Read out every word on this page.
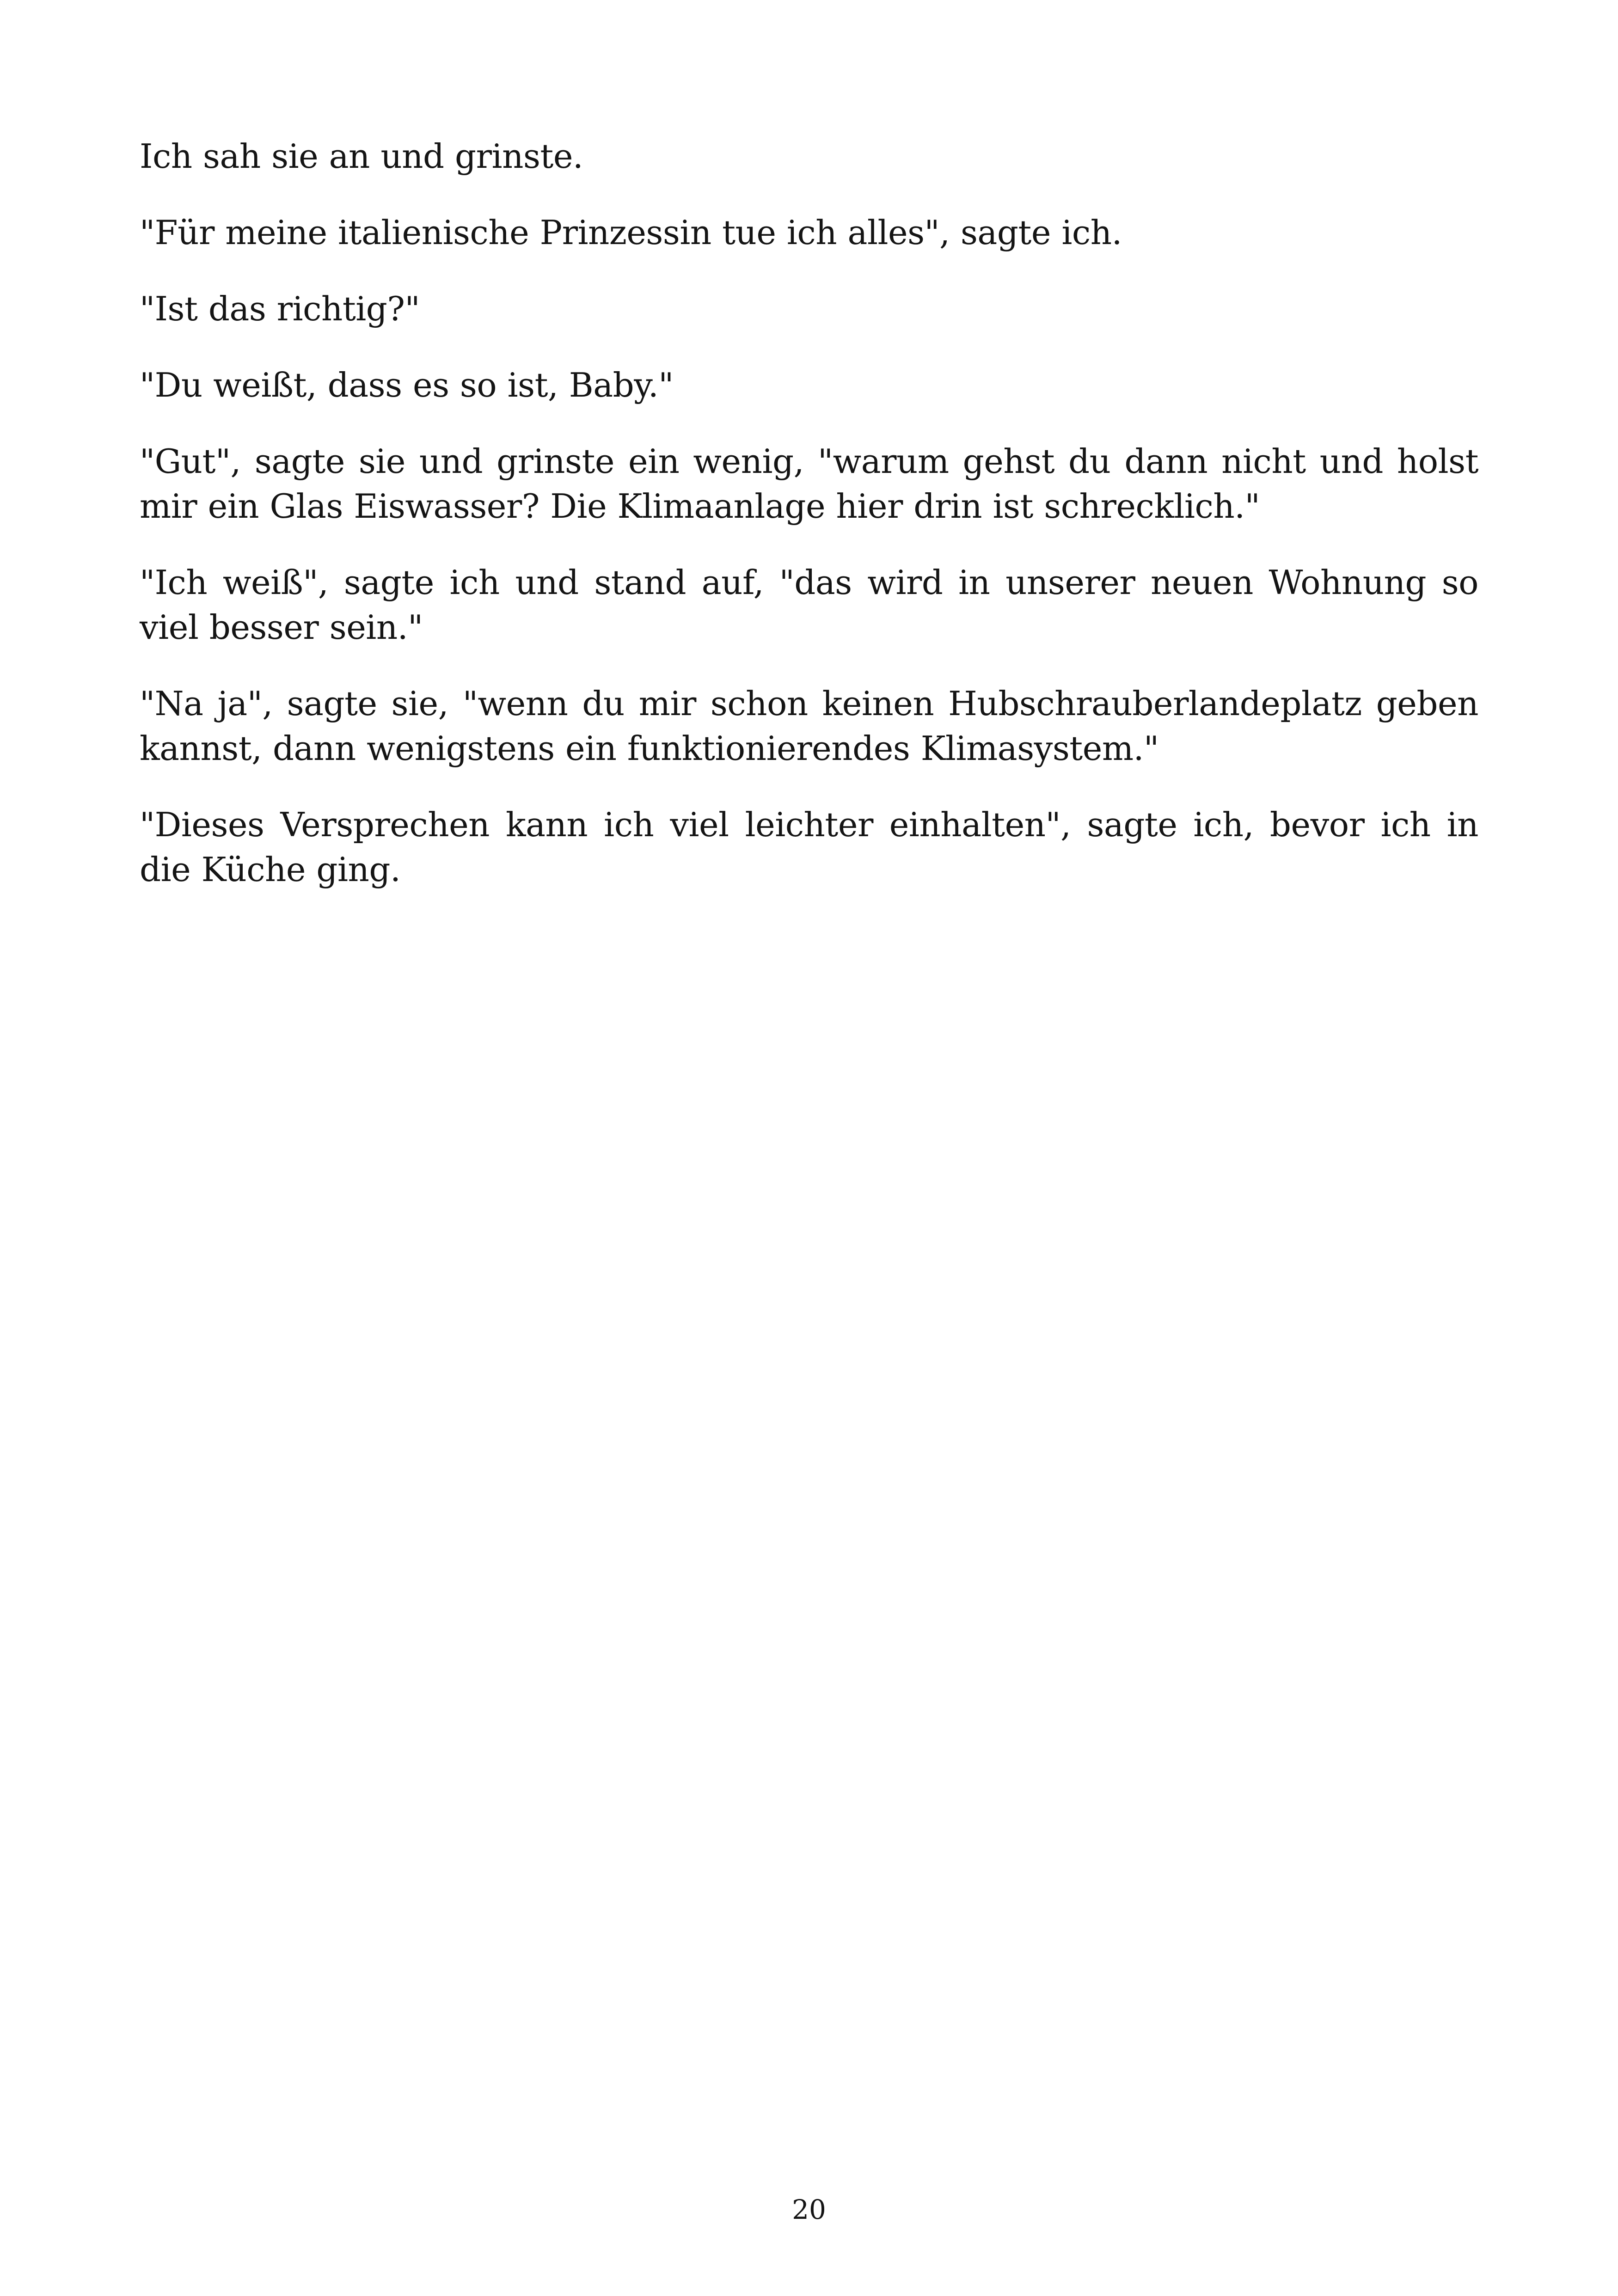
Ich sah sie an und grinste.

"Für meine italienische Prinzessin tue ich alles", sagte ich.

"Ist das richtig?"

"Du weißt, dass es so ist, Baby."

"Gut", sagte sie und grinste ein wenig, "warum gehst du dann nicht und holst mir ein Glas Eiswasser? Die Klimaanlage hier drin ist schrecklich."

"Ich weiß", sagte ich und stand auf, "das wird in unserer neuen Wohnung so viel besser sein."

"Na ja", sagte sie, "wenn du mir schon keinen Hubschrauberlandeplatz geben kannst, dann wenigstens ein funktionierendes Klimasystem."

"Dieses Versprechen kann ich viel leichter einhalten", sagte ich, bevor ich in die Küche ging.

20
